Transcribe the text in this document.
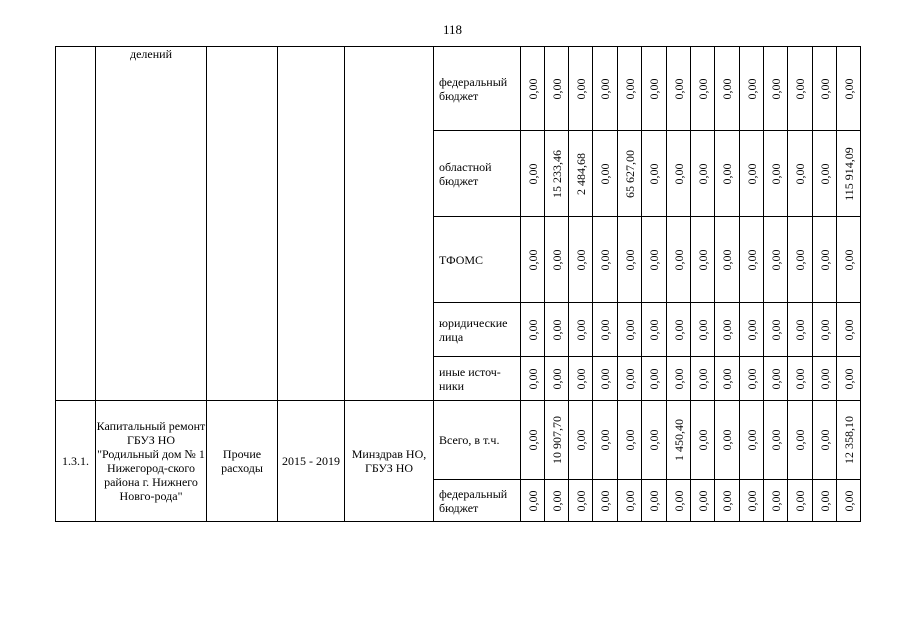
118
	делений				федеральный бюджет	0,00	0,00	0,00	0,00	0,00	0,00	0,00	0,00	0,00	0,00	0,00	0,00	0,00	0,00

					областной бюджет	0,00	15 233,46	2 484,68	0,00	65 627,00	0,00	0,00	0,00	0,00	0,00	0,00	0,00	0,00	115 914,09

					ТФОМС	0,00	0,00	0,00	0,00	0,00	0,00	0,00	0,00	0,00	0,00	0,00	0,00	0,00	0,00

					юридические лица	0,00	0,00	0,00	0,00	0,00	0,00	0,00	0,00	0,00	0,00	0,00	0,00	0,00	0,00

					иные источ-ники	0,00	0,00	0,00	0,00	0,00	0,00	0,00	0,00	0,00	0,00	0,00	0,00	0,00	0,00

1.3.1.	Капитальный ремонт ГБУЗ НО "Родильный дом № 1 Нижегород-ского района г. Нижнего Новго-рода"	Прочие расходы	2015 - 2019	Минздрав НО, ГБУЗ НО	Всего, в т.ч.	0,00	10 907,70	0,00	0,00	0,00	0,00	1 450,40	0,00	0,00	0,00	0,00	0,00	0,00	12 358,10

					федеральный бюджет	0,00	0,00	0,00	0,00	0,00	0,00	0,00	0,00	0,00	0,00	0,00	0,00	0,00	0,00
